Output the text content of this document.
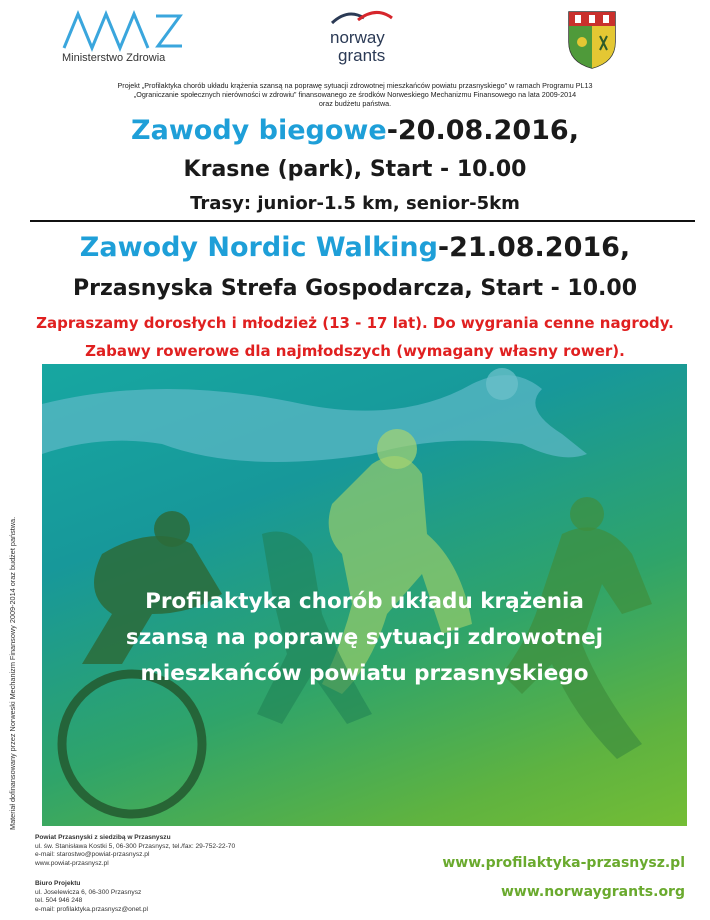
Ministerstwo Zdrowia
norway
grants
Projekt „Profilaktyka chorób układu krążenia szansą na poprawę sytuacji zdrowotnej mieszkańców powiatu przasnyskiego” w ramach Programu PL13
„Ograniczanie społecznych nierówności w zdrowiu” finansowanego ze środków Norweskiego Mechanizmu Finansowego na lata 2009-2014
oraz budżetu państwa.
Zawody biegowe-20.08.2016,
Krasne (park), Start - 10.00
Trasy: junior-1.5 km, senior-5km
Zawody Nordic Walking-21.08.2016,
Przasnyska Strefa Gospodarcza, Start - 10.00
Zapraszamy dorosłych i młodzież (13 - 17 lat). Do wygrania cenne nagrody.
Zabawy rowerowe dla najmłodszych (wymagany własny rower).
Profilaktyka chorób układu krążenia
szansą na poprawę sytuacji zdrowotnej
mieszkańców powiatu przasnyskiego
Materiał dofinansowany przez Norweski Mechanizm Finansowy 2009-2014 oraz budżet państwa.
Powiat Przasnyski z siedzibą w Przasnyszu
ul. św. Stanisława Kostki 5, 06-300 Przasnysz, tel./fax: 29-752-22-70
e-mail: starostwo@powiat-przasnysz.pl
www.powiat-przasnysz.pl
Biuro Projektu
ul. Joselewicza 6, 06-300 Przasnysz
tel. 504 946 248
e-mail: profilaktyka.przasnysz@onet.pl
www.profilaktyka-przasnysz.pl
www.norwaygrants.org
